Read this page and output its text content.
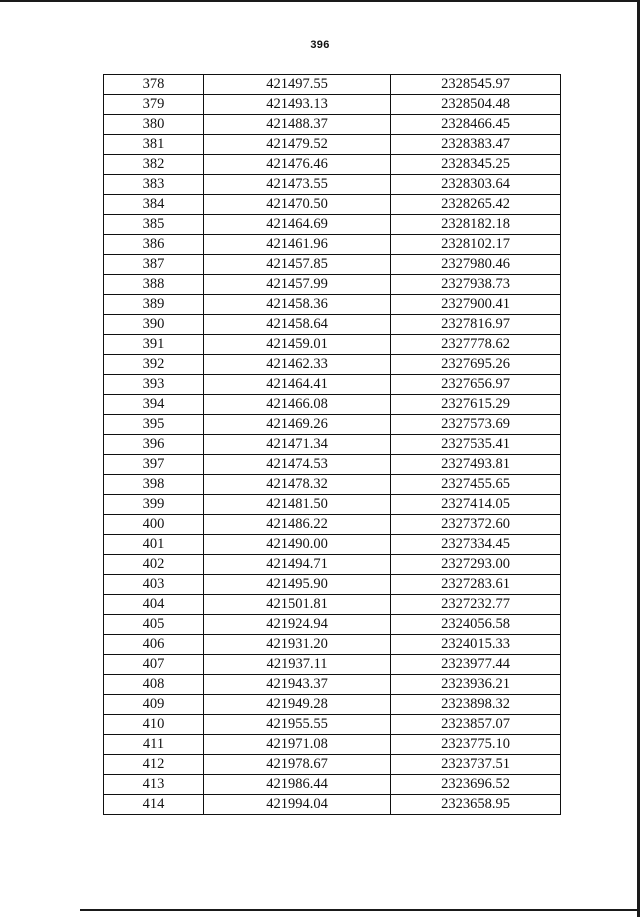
396
378	421497.55	2328545.97
379	421493.13	2328504.48
380	421488.37	2328466.45
381	421479.52	2328383.47
382	421476.46	2328345.25
383	421473.55	2328303.64
384	421470.50	2328265.42
385	421464.69	2328182.18
386	421461.96	2328102.17
387	421457.85	2327980.46
388	421457.99	2327938.73
389	421458.36	2327900.41
390	421458.64	2327816.97
391	421459.01	2327778.62
392	421462.33	2327695.26
393	421464.41	2327656.97
394	421466.08	2327615.29
395	421469.26	2327573.69
396	421471.34	2327535.41
397	421474.53	2327493.81
398	421478.32	2327455.65
399	421481.50	2327414.05
400	421486.22	2327372.60
401	421490.00	2327334.45
402	421494.71	2327293.00
403	421495.90	2327283.61
404	421501.81	2327232.77
405	421924.94	2324056.58
406	421931.20	2324015.33
407	421937.11	2323977.44
408	421943.37	2323936.21
409	421949.28	2323898.32
410	421955.55	2323857.07
411	421971.08	2323775.10
412	421978.67	2323737.51
413	421986.44	2323696.52
414	421994.04	2323658.95
